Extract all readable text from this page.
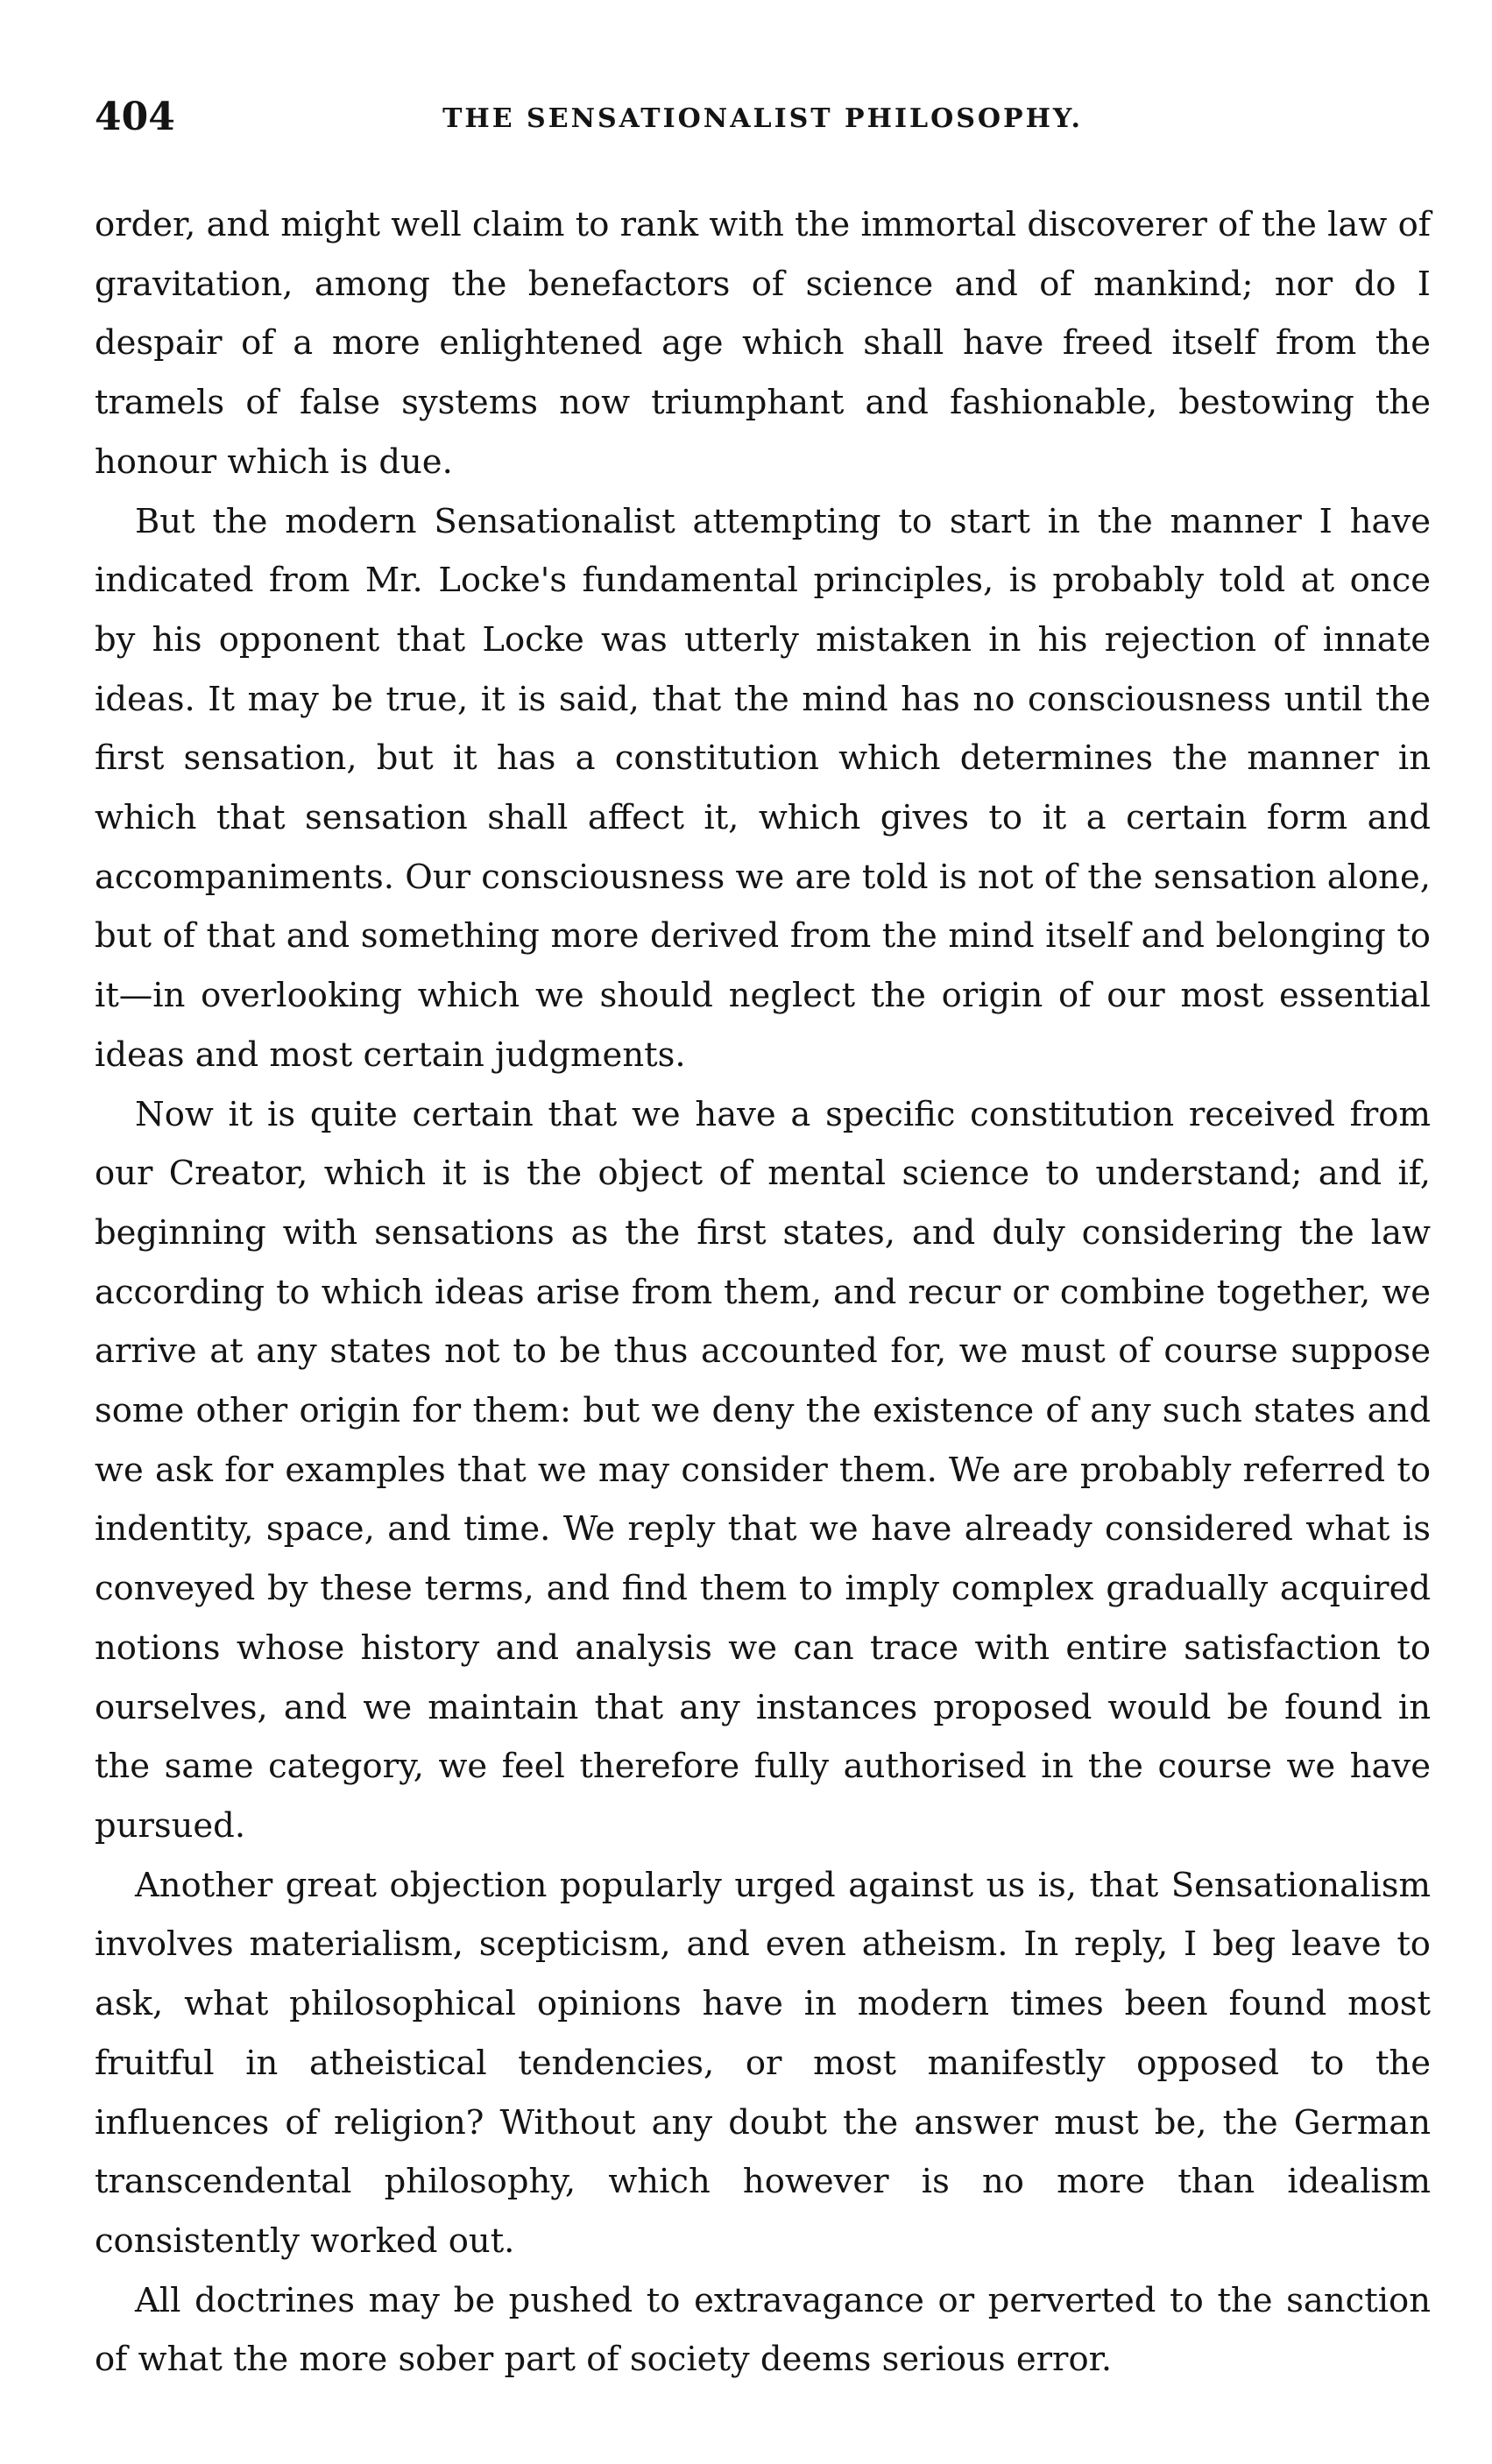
404	THE SENSATIONALIST PHILOSOPHY.

order, and might well claim to rank with the immortal discoverer of the law of gravitation, among the benefactors of science and of mankind; nor do I despair of a more enlightened age which shall have freed itself from the tramels of false systems now triumphant and fashionable, bestowing the honour which is due.

But the modern Sensationalist attempting to start in the manner I have indicated from Mr. Locke's fundamental principles, is probably told at once by his opponent that Locke was utterly mistaken in his rejection of innate ideas. It may be true, it is said, that the mind has no consciousness until the first sensation, but it has a constitution which determines the manner in which that sensation shall affect it, which gives to it a certain form and accompaniments. Our consciousness we are told is not of the sensation alone, but of that and something more derived from the mind itself and belonging to it—in overlooking which we should neglect the origin of our most essential ideas and most certain judgments.

Now it is quite certain that we have a specific constitution received from our Creator, which it is the object of mental science to understand; and if, beginning with sensations as the first states, and duly considering the law according to which ideas arise from them, and recur or combine together, we arrive at any states not to be thus accounted for, we must of course suppose some other origin for them: but we deny the existence of any such states and we ask for examples that we may consider them. We are probably referred to indentity, space, and time. We reply that we have already considered what is conveyed by these terms, and find them to imply complex gradually acquired notions whose history and analysis we can trace with entire satisfaction to ourselves, and we maintain that any instances proposed would be found in the same category, we feel therefore fully authorised in the course we have pursued.

Another great objection popularly urged against us is, that Sensationalism involves materialism, scepticism, and even atheism. In reply, I beg leave to ask, what philosophical opinions have in modern times been found most fruitful in atheistical tendencies, or most manifestly opposed to the influences of religion? Without any doubt the answer must be, the German transcendental philosophy, which however is no more than idealism consistently worked out.

All doctrines may be pushed to extravagance or perverted to the sanction of what the more sober part of society deems serious error.
